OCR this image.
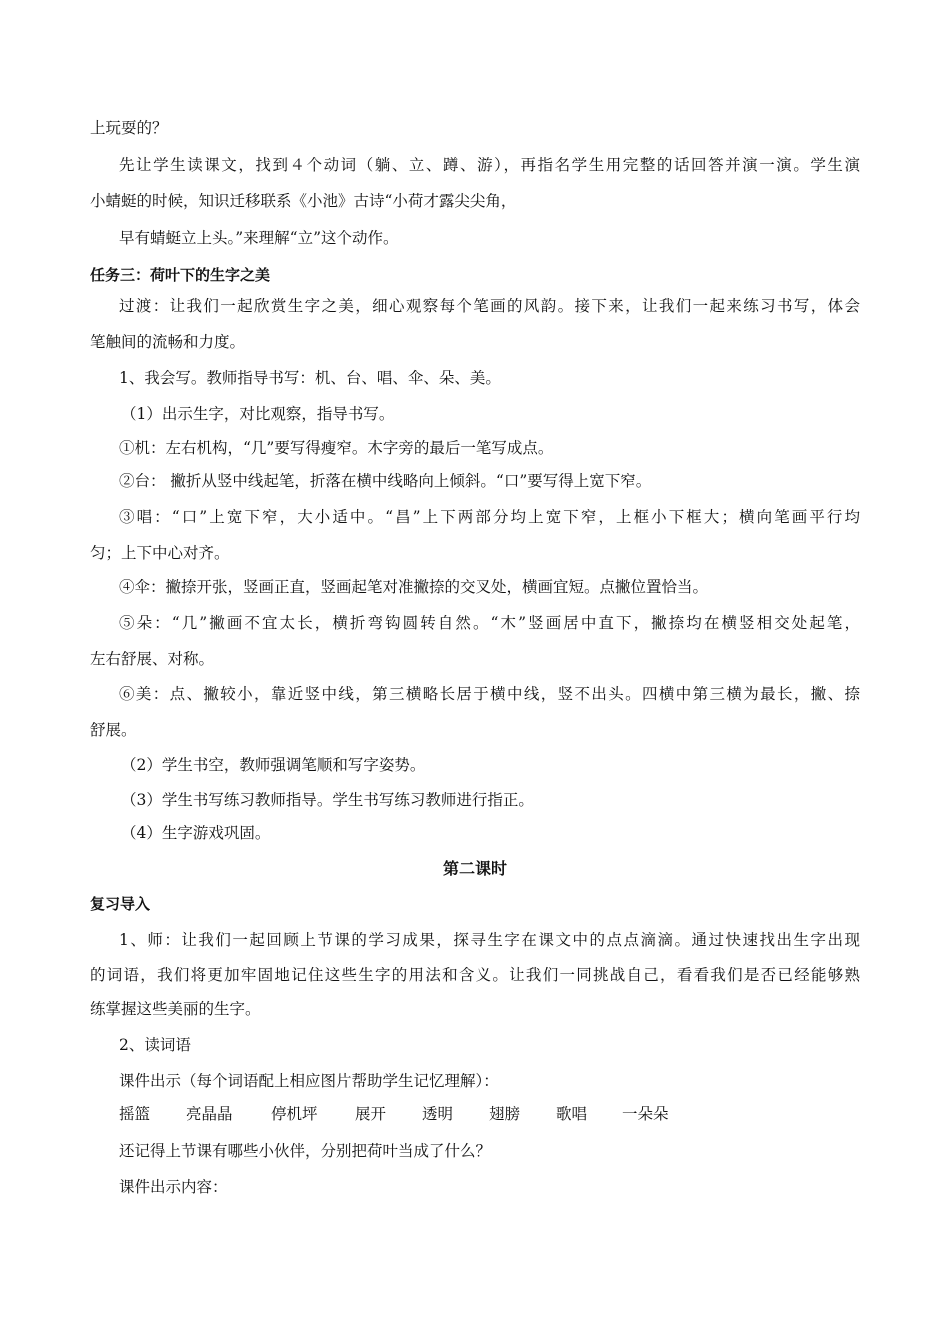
上玩耍的？
先让学生读课文，找到４个动词（躺、立、蹲、游），再指名学生用完整的话回答并演一演。学生演
小蜻蜓的时候，知识迁移联系《小池》古诗“小荷才露尖尖角，
早有蜻蜓立上头。”来理解“立”这个动作。
任务三：荷叶下的生字之美
过渡：让我们一起欣赏生字之美，细心观察每个笔画的风韵。接下来，让我们一起来练习书写，体会
笔触间的流畅和力度。
1、我会写。教师指导书写：机、台、唱、伞、朵、美。
（1）出示生字，对比观察，指导书写。
①机：左右机构，“几”要写得瘦窄。木字旁的最后一笔写成点。
②台： 撇折从竖中线起笔，折落在横中线略向上倾斜。“口”要写得上宽下窄。
③唱：“口”上宽下窄，大小适中。“昌”上下两部分均上宽下窄，上框小下框大；横向笔画平行均
匀；上下中心对齐。
④伞：撇捺开张，竖画正直，竖画起笔对准撇捺的交叉处，横画宜短。点撇位置恰当。
⑤朵：“几”撇画不宜太长，横折弯钩圆转自然。“木”竖画居中直下，撇捺均在横竖相交处起笔，
左右舒展、对称。
⑥美：点、撇较小，靠近竖中线，第三横略长居于横中线，竖不出头。四横中第三横为最长，撇、捺
舒展。
（2）学生书空，教师强调笔顺和写字姿势。
（3）学生书写练习教师指导。学生书写练习教师进行指正。
（4）生字游戏巩固。
第二课时
复习导入
1、师：让我们一起回顾上节课的学习成果，探寻生字在课文中的点点滴滴。通过快速找出生字出现
的词语，我们将更加牢固地记住这些生字的用法和含义。让我们一同挑战自己，看看我们是否已经能够熟
练掌握这些美丽的生字。
2、读词语
课件出示（每个词语配上相应图片帮助学生记忆理解）：
摇篮 亮晶晶 停机坪 展开 透明 翅膀 歌唱 一朵朵
还记得上节课有哪些小伙伴，分别把荷叶当成了什么？
课件出示内容：
